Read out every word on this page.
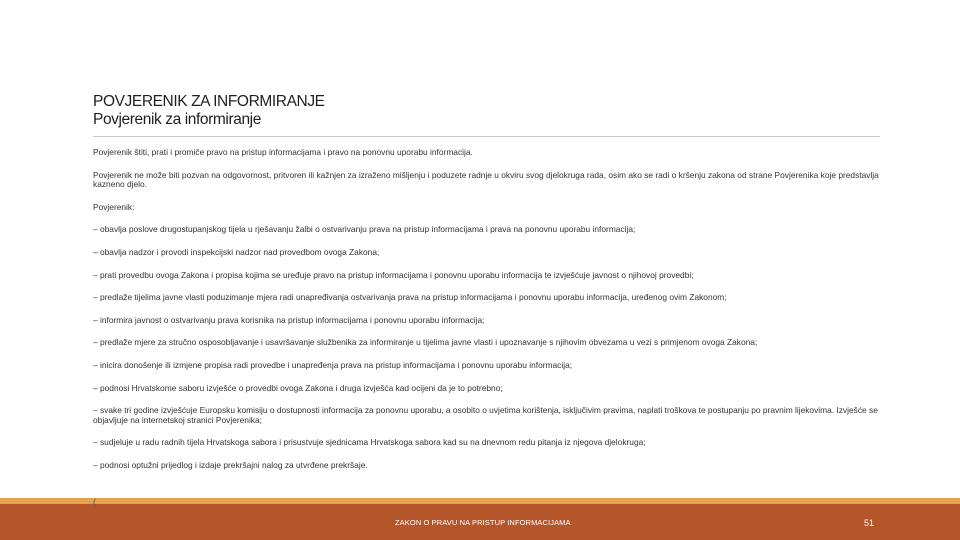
POVJERENIK ZA INFORMIRANJE
Povjerenik za informiranje

Povjerenik štiti, prati i promiče pravo na pristup informacijama i pravo na ponovnu uporabu informacija.

Povjerenik ne može biti pozvan na odgovornost, pritvoren ili kažnjen za izraženo mišljenju i poduzete radnje u okviru svog djelokruga rada, osim ako se radi o kršenju zakona od strane Povjerenika koje predstavlja kazneno djelo.

Povjerenik:

– obavlja poslove drugostupanjskog tijela u rješavanju žalbi o ostvarivanju prava na pristup informacijama i prava na ponovnu uporabu informacija;

– obavlja nadzor i provodi inspekcijski nadzor nad provedbom ovoga Zakona;

– prati provedbu ovoga Zakona i propisa kojima se uređuje pravo na pristup informacijama i ponovnu uporabu informacija te izvješćuje javnost o njihovoj provedbi;

– predlaže tijelima javne vlasti poduzimanje mjera radi unapređivanja ostvarivanja prava na pristup informacijama i ponovnu uporabu informacija, uređenog ovim Zakonom;

– informira javnost o ostvarivanju prava korisnika na pristup informacijama i ponovnu uporabu informacija;

– predlaže mjere za stručno osposobljavanje i usavršavanje službenika za informiranje u tijelima javne vlasti i upoznavanje s njihovim obvezama u vezi s primjenom ovoga Zakona;

– inicira donošenje ili izmjene propisa radi provedbe i unapređenja prava na pristup informacijama i ponovnu uporabu informacija;

– podnosi Hrvatskome saboru izvješće o provedbi ovoga Zakona i druga izvješća kad ocijeni da je to potrebno;

– svake tri godine izvješćuje Europsku komisiju o dostupnosti informacija za ponovnu uporabu, a osobito o uvjetima korištenja, isključivim pravima, naplati troškova te postupanju po pravnim lijekovima. Izvješće se objavljuje na internetskoj stranici Povjerenika;

– sudjeluje u radu radnih tijela Hrvatskoga sabora i prisustvuje sjednicama Hrvatskoga sabora kad su na dnevnom redu pitanja iz njegova djelokruga;

– podnosi optužni prijedlog i izdaje prekršajni nalog za utvrđene prekršaje.

(
ZAKON O PRAVU NA PRISTUP INFORMACIJAMA	51
